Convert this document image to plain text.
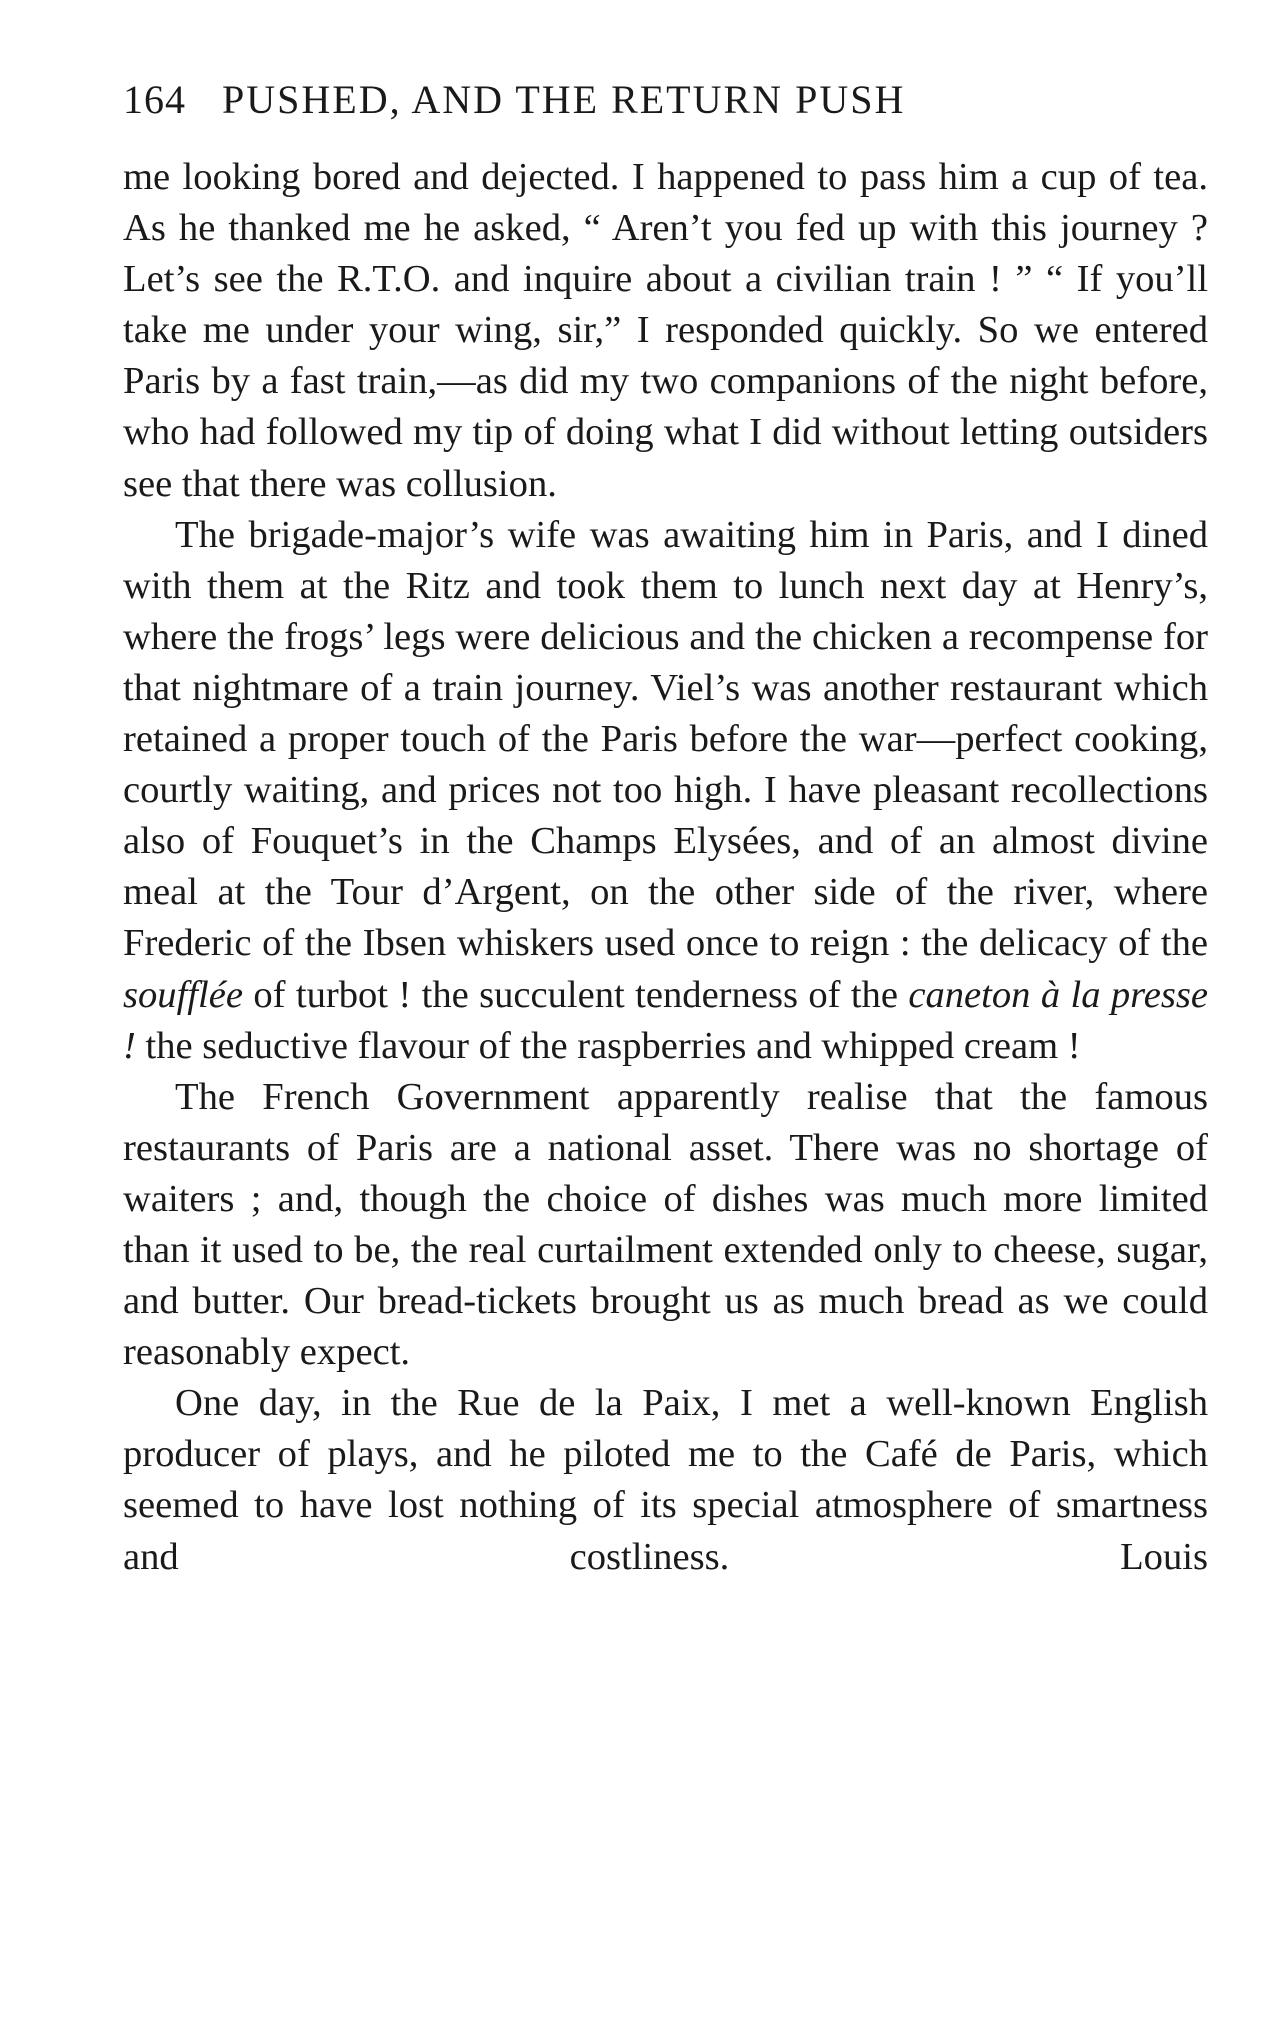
164 PUSHED, AND THE RETURN PUSH

me looking bored and dejected. I happened to pass him a cup of tea. As he thanked me he asked, “ Aren’t you fed up with this journey ? Let’s see the R.T.O. and inquire about a civilian train ! ” “ If you’ll take me under your wing, sir,” I responded quickly. So we entered Paris by a fast train,—as did my two companions of the night before, who had followed my tip of doing what I did without letting outsiders see that there was collusion.

The brigade-major’s wife was awaiting him in Paris, and I dined with them at the Ritz and took them to lunch next day at Henry’s, where the frogs’ legs were delicious and the chicken a recompense for that nightmare of a train journey. Viel’s was another restaurant which retained a proper touch of the Paris before the war—perfect cooking, courtly waiting, and prices not too high. I have pleasant recollections also of Fouquet’s in the Champs Elysées, and of an almost divine meal at the Tour d’Argent, on the other side of the river, where Frederic of the Ibsen whiskers used once to reign : the delicacy of the soufflée of turbot ! the succulent tenderness of the caneton à la presse ! the seductive flavour of the raspberries and whipped cream !

The French Government apparently realise that the famous restaurants of Paris are a national asset. There was no shortage of waiters ; and, though the choice of dishes was much more limited than it used to be, the real curtailment extended only to cheese, sugar, and butter. Our bread-tickets brought us as much bread as we could reasonably expect.

One day, in the Rue de la Paix, I met a well-known English producer of plays, and he piloted me to the Café de Paris, which seemed to have lost nothing of its special atmosphere of smartness and costliness. Louis
